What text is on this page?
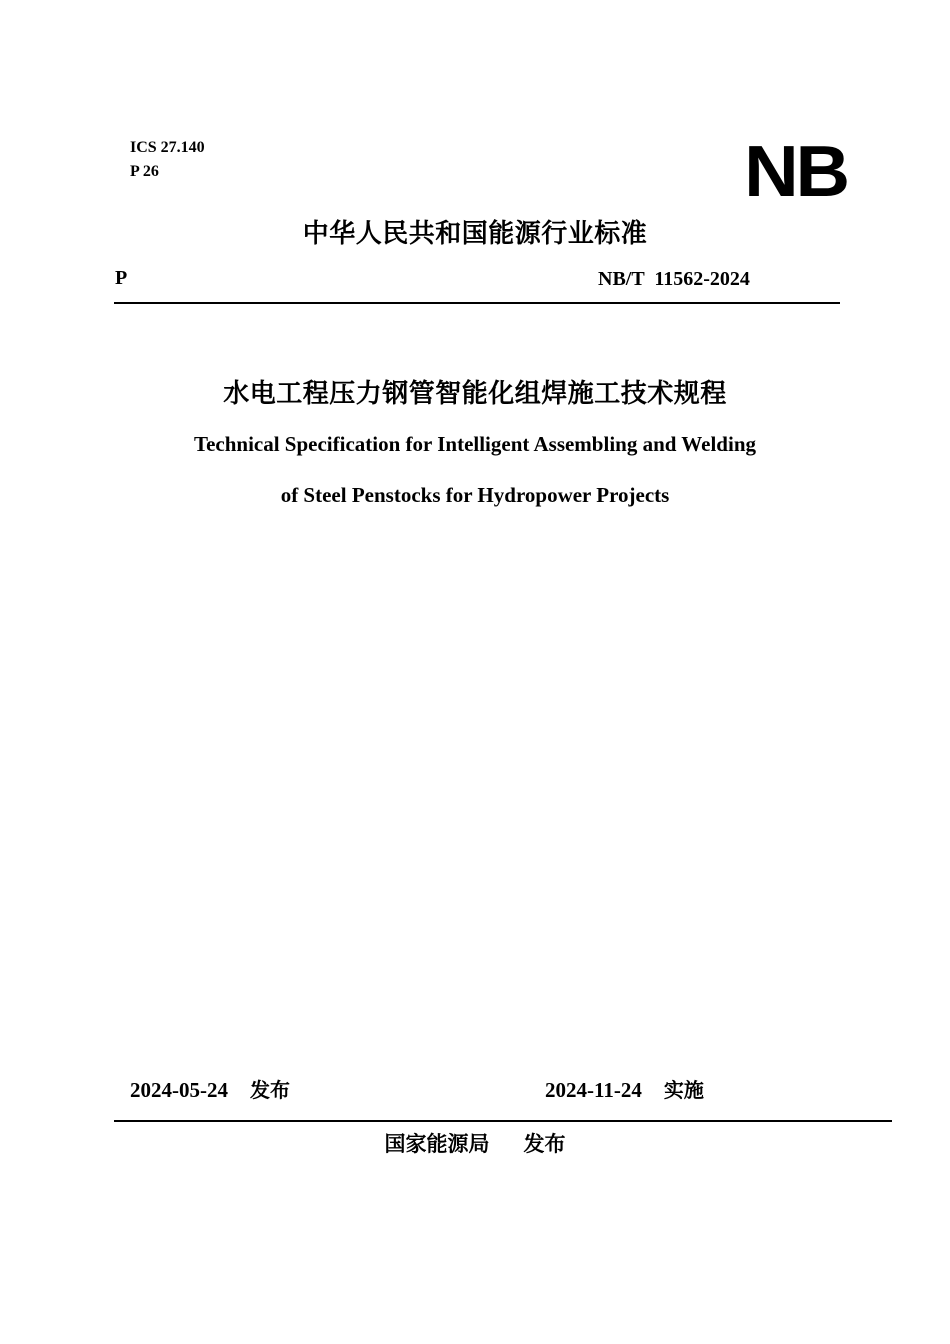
ICS 27.140
P 26	NB
中华人民共和国能源行业标准
P	NB/T  11562-2024
水电工程压力钢管智能化组焊施工技术规程
Technical Specification for Intelligent Assembling and Welding
of Steel Penstocks for Hydropower Projects
2024-05-24 发布	2024-11-24 实施
国家能源局 发布
